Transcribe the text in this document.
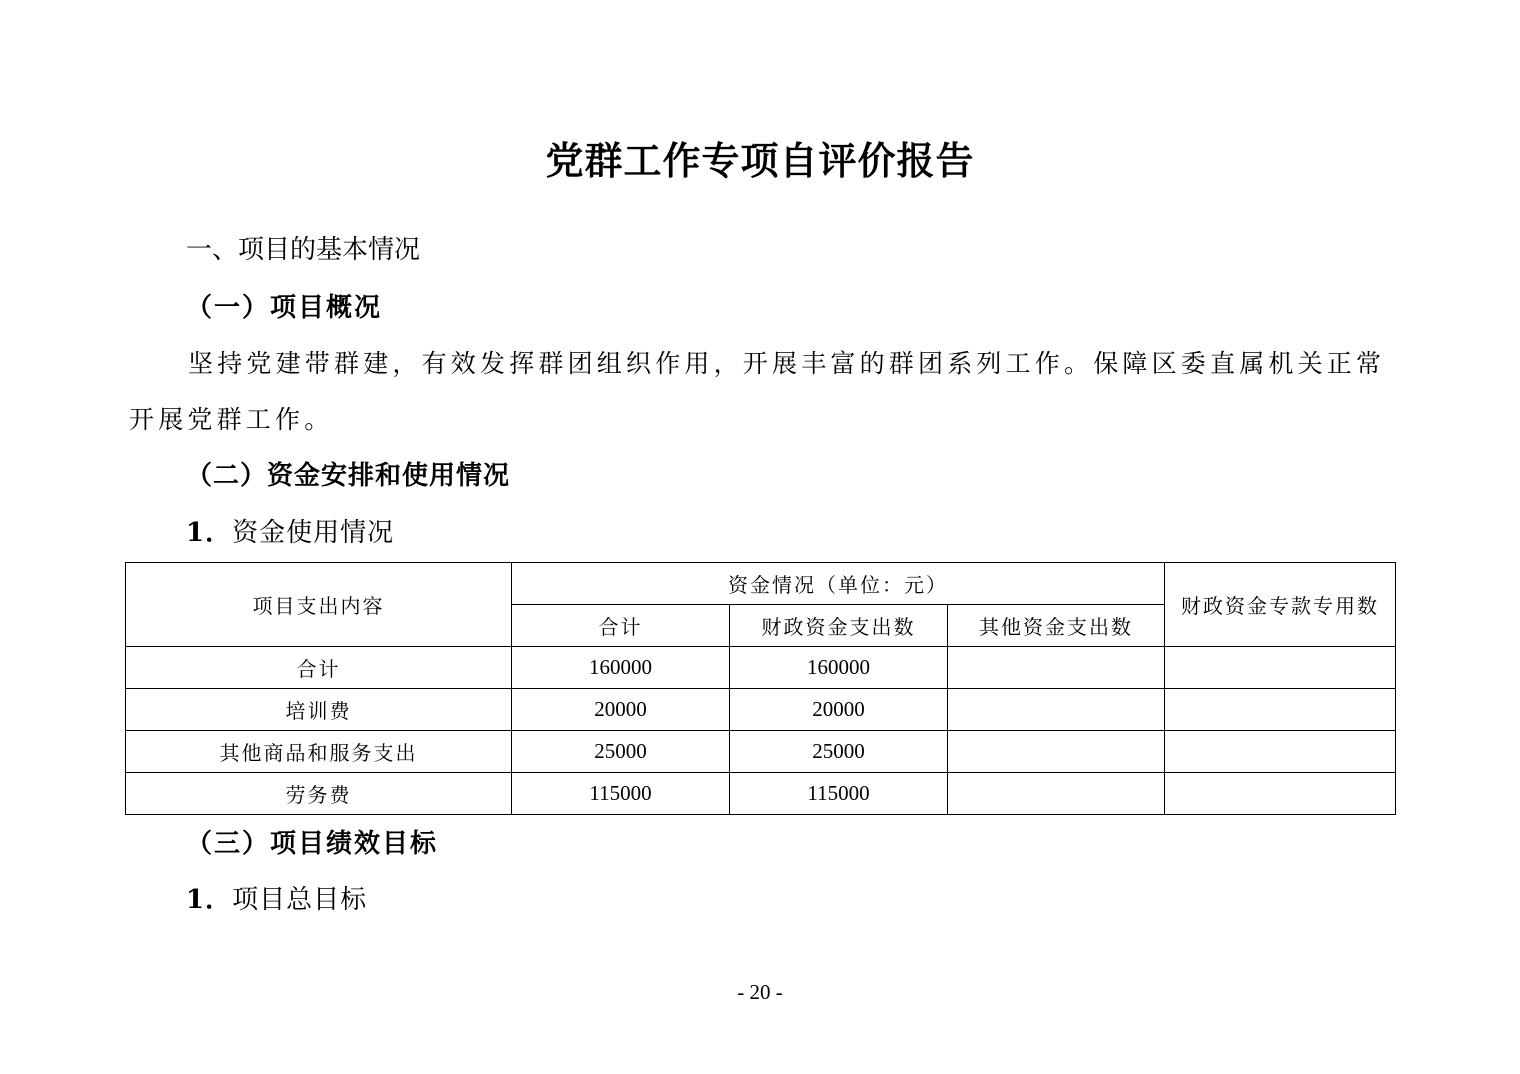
党群工作专项自评价报告
一、项目的基本情况
（一）项目概况
坚持党建带群建，有效发挥群团组织作用，开展丰富的群团系列工作。保障区委直属机关正常
开展党群工作。
（二）资金安排和使用情况
1．资金使用情况
项目支出内容	资金情况（单位：元）			财政资金专款专用数
	合计	财政资金支出数	其他资金支出数	
合计	160000	160000		
培训费	20000	20000		
其他商品和服务支出	25000	25000		
劳务费	115000	115000		
（三）项目绩效目标
1．项目总目标
- 20 -
